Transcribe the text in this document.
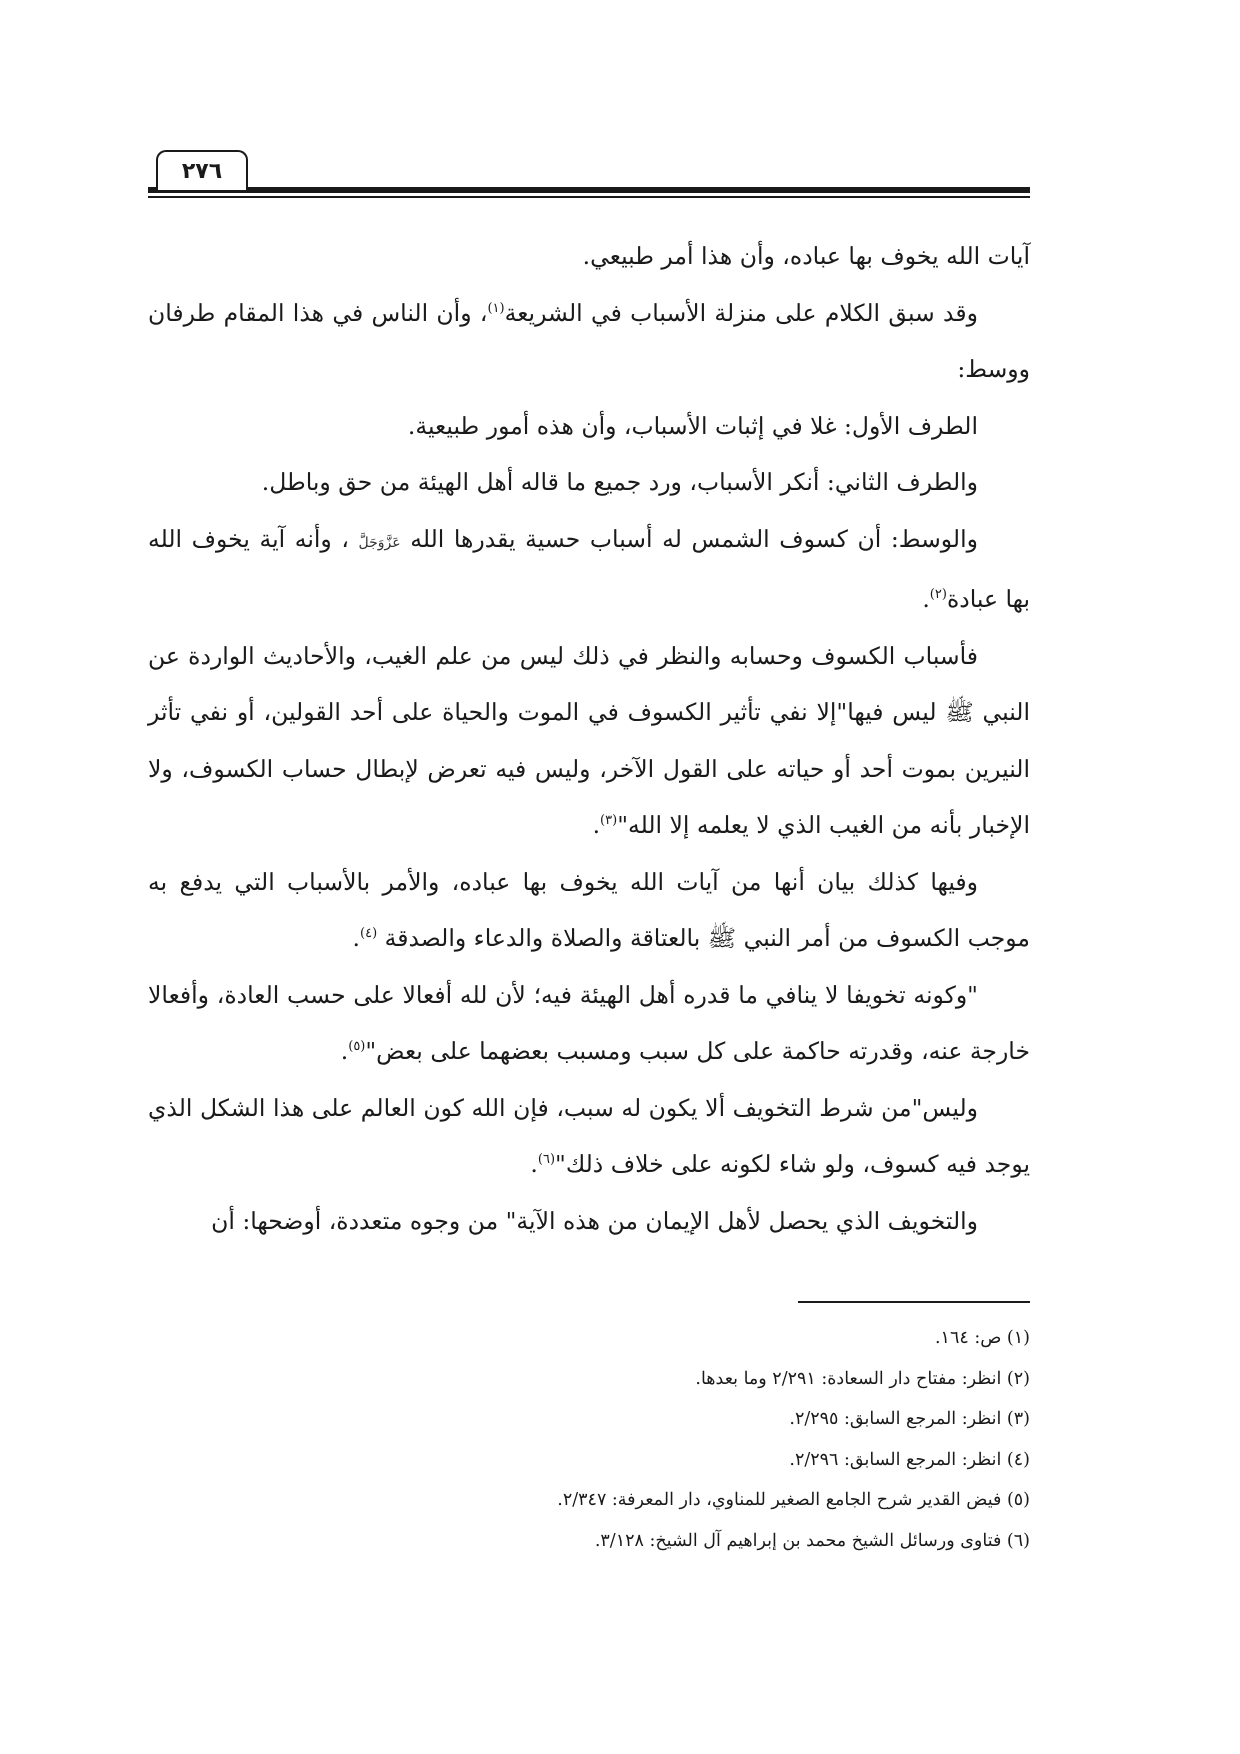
٢٧٦

آيات الله يخوف بها عباده، وأن هذا أمر طبيعي.

وقد سبق الكلام على منزلة الأسباب في الشريعة$^{(١)}$، وأن الناس في هذا المقام طرفان ووسط:

الطرف الأول: غلا في إثبات الأسباب، وأن هذه أمور طبيعية.

والطرف الثاني: أنكر الأسباب، ورد جميع ما قاله أهل الهيئة من حق وباطل.

والوسط: أن كسوف الشمس له أسباب حسية يقدرها الله عَزَّوَجَلَّ ، وأنه آية يخوف الله بها عبادة$^{(٢)}$.

فأسباب الكسوف وحسابه والنظر في ذلك ليس من علم الغيب، والأحاديث الواردة عن النبي ﷺ ليس فيها"إلا نفي تأثير الكسوف في الموت والحياة على أحد القولين، أو نفي تأثر النيرين بموت أحد أو حياته على القول الآخر، وليس فيه تعرض لإبطال حساب الكسوف، ولا الإخبار بأنه من الغيب الذي لا يعلمه إلا الله"$^{(٣)}$.

وفيها كذلك بيان أنها من آيات الله يخوف بها عباده، والأمر بالأسباب التي يدفع به موجب الكسوف من أمر النبي ﷺ بالعتاقة والصلاة والدعاء والصدقة $^{(٤)}$.

"وكونه تخويفا لا ينافي ما قدره أهل الهيئة فيه؛ لأن لله أفعالا على حسب العادة، وأفعالا خارجة عنه، وقدرته حاكمة على كل سبب ومسبب بعضهما على بعض"$^{(٥)}$.

وليس"من شرط التخويف ألا يكون له سبب، فإن الله كون العالم على هذا الشكل الذي يوجد فيه كسوف، ولو شاء لكونه على خلاف ذلك"$^{(٦)}$.

والتخويف الذي يحصل لأهل الإيمان من هذه الآية" من وجوه متعددة، أوضحها: أن

(١) ص: ١٦٤.
(٢) انظر: مفتاح دار السعادة: ٢/٢٩١ وما بعدها.
(٣) انظر: المرجع السابق: ٢/٢٩٥.
(٤) انظر: المرجع السابق: ٢/٢٩٦.
(٥) فيض القدير شرح الجامع الصغير للمناوي، دار المعرفة: ٢/٣٤٧.
(٦) فتاوى ورسائل الشيخ محمد بن إبراهيم آل الشيخ: ٣/١٢٨.
